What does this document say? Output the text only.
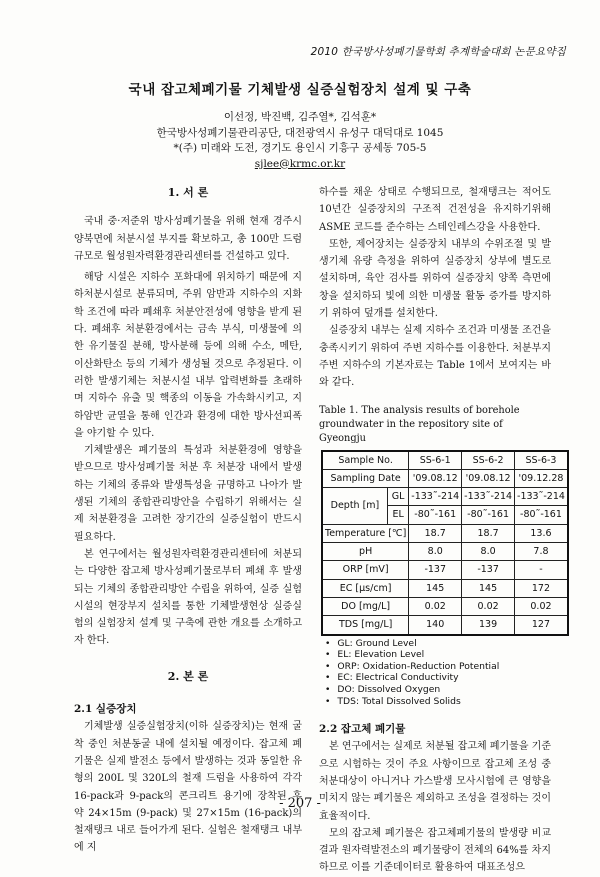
2010 한국방사성폐기물학회 추계학술대회 논문요약집
국내 잡고체폐기물 기체발생 실증실험장치 설계 및 구축
이선정, 박진백, 김주열*, 김석훈*
한국방사성폐기물관리공단, 대전광역시 유성구 대덕대로 1045
*(주) 미래와 도전, 경기도 용인시 기흥구 공세동 705-5
sjlee@krmc.or.kr

1. 서 론

국내 중·저준위 방사성폐기물을 위해 현재 경주시 양북면에 처분시설 부지를 확보하고, 총 100만 드럼 규모로 월성원자력환경관리센터를 건설하고 있다.

해당 시설은 지하수 포화대에 위치하기 때문에 지하처분시설로 분류되며, 주위 암반과 지하수의 지화학 조건에 따라 폐쇄후 처분안전성에 영향을 받게 된다. 폐쇄후 처분환경에서는 금속 부식, 미생물에 의한 유기물질 분해, 방사분해 등에 의해 수소, 메탄, 이산화탄소 등의 기체가 생성될 것으로 추정된다. 이러한 발생기체는 처분시설 내부 압력변화를 초래하며 지하수 유출 및 핵종의 이동을 가속화시키고, 지하암반 균열을 통해 인간과 환경에 대한 방사선피폭을 야기할 수 있다.

기체발생은 폐기물의 특성과 처분환경에 영향을 받으므로 방사성폐기물 처분 후 처분장 내에서 발생하는 기체의 종류와 발생특성을 규명하고 나아가 발생된 기체의 종합관리방안을 수립하기 위해서는 실제 처분환경을 고려한 장기간의 실증실험이 반드시 필요하다.

본 연구에서는 월성원자력환경관리센터에 처분되는 다양한 잡고체 방사성폐기물로부터 폐쇄 후 발생되는 기체의 종합관리방안 수립을 위하여, 실증 실험시설의 현장부지 설치를 통한 기체발생현상 실증실험의 실험장치 설계 및 구축에 관한 개요를 소개하고자 한다.

2. 본 론

2.1 실증장치

기체발생 실증실험장치(이하 실증장치)는 현재 굴착 중인 처분동굴 내에 설치될 예정이다. 잡고체 폐기물은 실제 발전소 등에서 발생하는 것과 동일한 유형의 200L 및 320L의 철재 드럼을 사용하여 각각 16-pack과 9-pack의 콘크리트 용기에 장착된 후 약 24×15m (9-pack) 및 27×15m (16-pack)의 철재탱크 내로 들어가게 된다. 실험은 철재탱크 내부에 지

하수를 채운 상태로 수행되므로, 철재탱크는 적어도 10년간 실증장치의 구조적 건전성을 유지하기위해 ASME 코드를 준수하는 스테인레스강을 사용한다.

또한, 제어장치는 실증장치 내부의 수위조절 및 발생기체 유량 측정을 위하여 실증장치 상부에 별도로 설치하며, 육안 검사를 위하여 실증장치 양쪽 측면에 창을 설치하되 빛에 의한 미생물 활동 증가를 방지하기 위하여 덮개를 설치한다.

실증장치 내부는 실제 지하수 조건과 미생물 조건을 충족시키기 위하여 주변 지하수를 이용한다. 처분부지 주변 지하수의 기본자료는 Table 1에서 보여지는 바와 같다.

Table 1. The analysis results of borehole groundwater in the repository site of Gyeongju

Sample No.		SS-6-1	SS-6-2	SS-6-3
Sampling Date		'09.08.12	'09.08.12	'09.12.28
Depth [m]	GL	-133˜-214	-133˜-214	-133˜-214
	EL	-80˜-161	-80˜-161	-80˜-161
Temperature [℃]		18.7	18.7	13.6
pH		8.0	8.0	7.8
ORP [mV]		-137	-137	-
EC [μs/cm]		145	145	172
DO [mg/L]		0.02	0.02	0.02
TDS [mg/L]		140	139	127
• GL: Ground Level
• EL: Elevation Level
• ORP: Oxidation-Reduction Potential
• EC: Electrical Conductivity
• DO: Dissolved Oxygen
• TDS: Total Dissolved Solids

2.2 잡고체 폐기물

본 연구에서는 실제로 처분될 잡고체 폐기물을 기준으로 시험하는 것이 주요 사항이므로 잡고체 조성 중 처분대상이 아니거나 가스발생 모사시험에 큰 영향을 미치지 않는 폐기물은 제외하고 조성을 결정하는 것이 효율적이다.

모의 잡고체 폐기물은 잡고체폐기물의 발생량 비교결과 원자력발전소의 폐기물량이 전체의 64%를 차지하므로 이를 기준데이터로 활용하여 대표조성으

- 207 -
